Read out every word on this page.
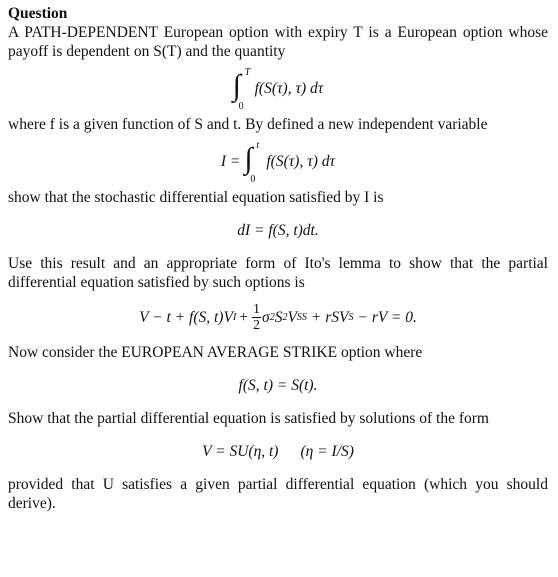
Question

A PATH-DEPENDENT European option with expiry T is a European option whose payoff is dependent on S(T) and the quantity

∫ T
0
f(S(τ), τ) dτ

where f is a given function of S and t. By defined a new independent variable

I = ∫ t
0
f(S(τ), τ) dτ

show that the stochastic differential equation satisfied by I is

dI = f(S, t)dt.

Use this result and an appropriate form of Ito's lemma to show that the partial differential equation satisfied by such options is

V − t + f(S, t)V $I + \frac{1}{2}$ σ 2 S 2 V SS + rSV S − rV = 0.

Now consider the EUROPEAN AVERAGE STRIKE option where

f(S, t) = S(t).

Show that the partial differential equation is satisfied by solutions of the form

V = SU(η, t) (η = I/S)

provided that U satisfies a given partial differential equation (which you should derive).
